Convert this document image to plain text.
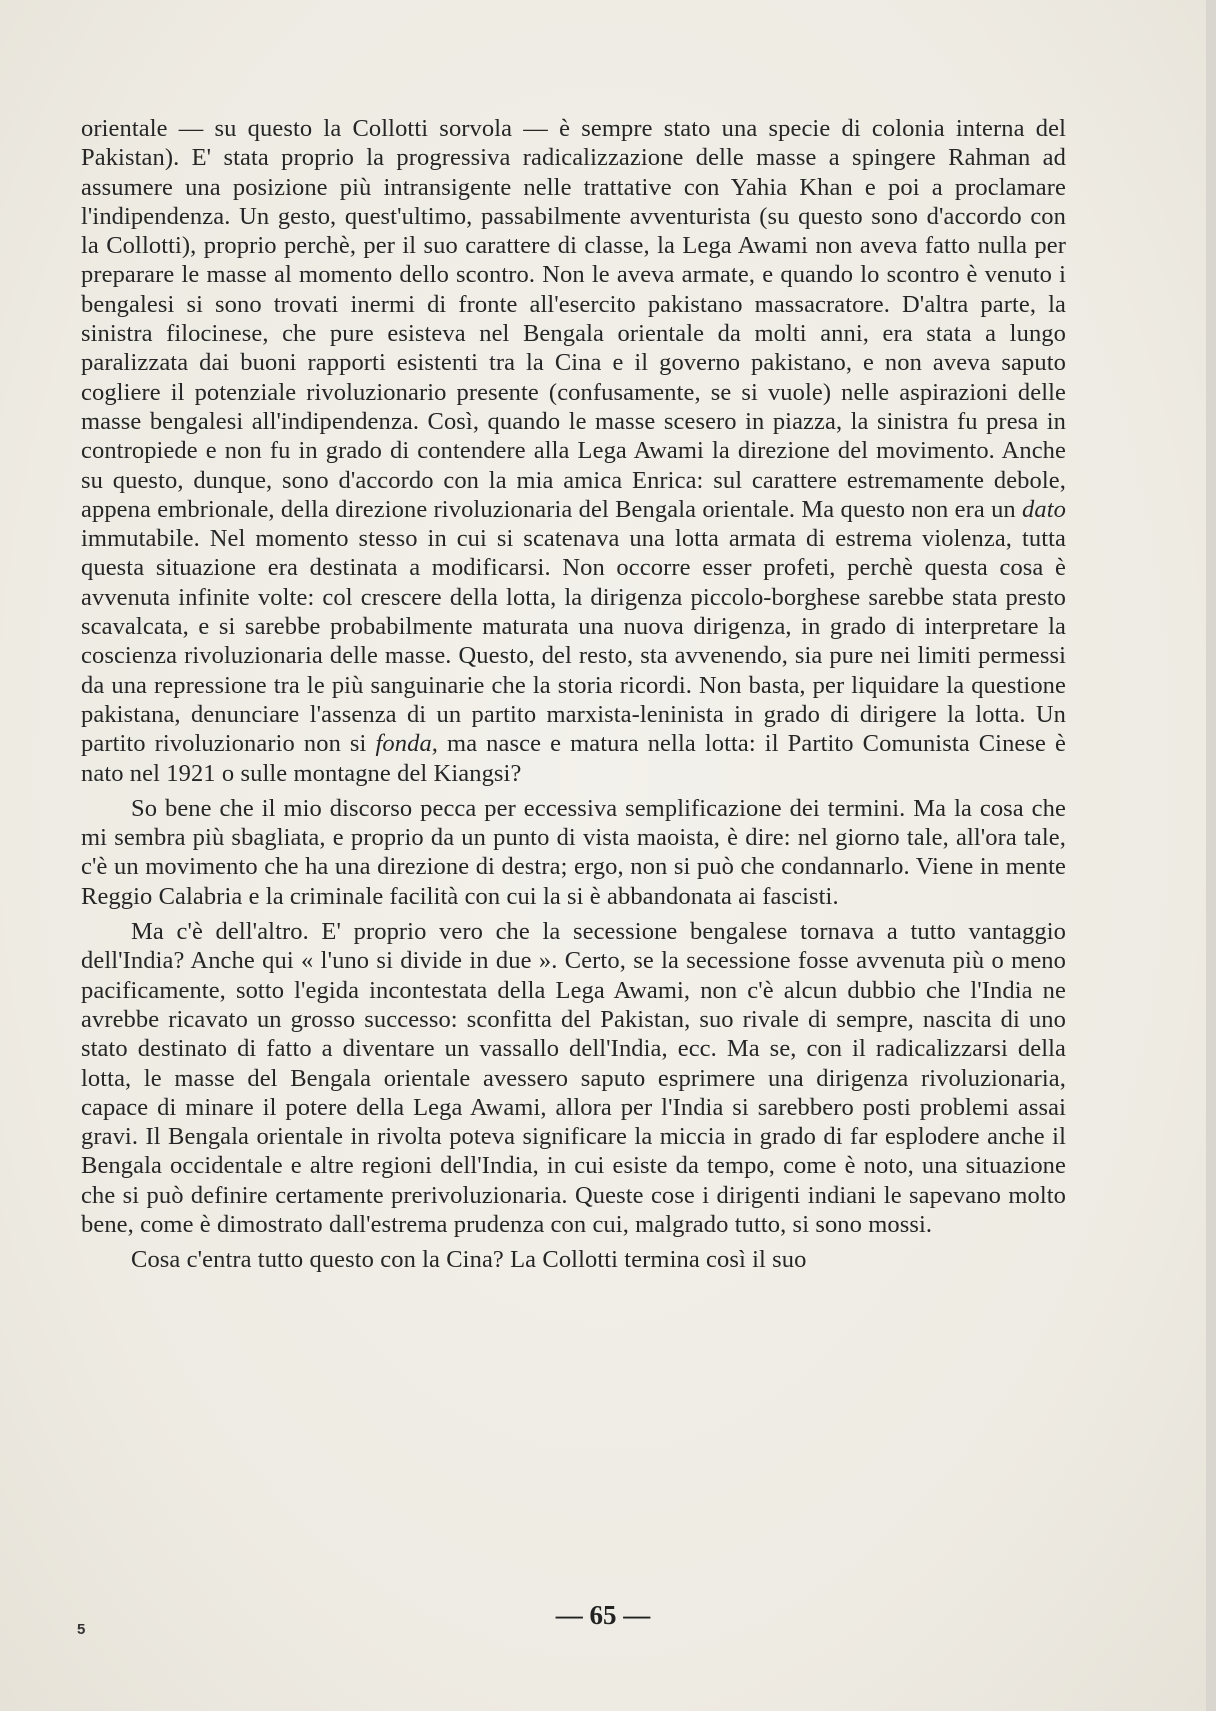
orientale — su questo la Collotti sorvola — è sempre stato una specie di colonia interna del Pakistan). E' stata proprio la progressiva radicalizzazione delle masse a spingere Rahman ad assumere una posizione più intransigente nelle trattative con Yahia Khan e poi a proclamare l'indipendenza. Un gesto, quest'ultimo, passabilmente avventurista (su questo sono d'accordo con la Collotti), proprio perchè, per il suo carattere di classe, la Lega Awami non aveva fatto nulla per preparare le masse al momento dello scontro. Non le aveva armate, e quando lo scontro è venuto i bengalesi si sono trovati inermi di fronte all'esercito pakistano massacratore. D'altra parte, la sinistra filocinese, che pure esisteva nel Bengala orientale da molti anni, era stata a lungo paralizzata dai buoni rapporti esistenti tra la Cina e il governo pakistano, e non aveva saputo cogliere il potenziale rivoluzionario presente (confusamente, se si vuole) nelle aspirazioni delle masse bengalesi all'indipendenza. Così, quando le masse scesero in piazza, la sinistra fu presa in contropiede e non fu in grado di contendere alla Lega Awami la direzione del movimento. Anche su questo, dunque, sono d'accordo con la mia amica Enrica: sul carattere estremamente debole, appena embrionale, della direzione rivoluzionaria del Bengala orientale. Ma questo non era un dato immutabile. Nel momento stesso in cui si scatenava una lotta armata di estrema violenza, tutta questa situazione era destinata a modificarsi. Non occorre esser profeti, perchè questa cosa è avvenuta infinite volte: col crescere della lotta, la dirigenza piccolo-borghese sarebbe stata presto scavalcata, e si sarebbe probabilmente maturata una nuova dirigenza, in grado di interpretare la coscienza rivoluzionaria delle masse. Questo, del resto, sta avvenendo, sia pure nei limiti permessi da una repressione tra le più sanguinarie che la storia ricordi. Non basta, per liquidare la questione pakistana, denunciare l'assenza di un partito marxista-leninista in grado di dirigere la lotta. Un partito rivoluzionario non si fonda, ma nasce e matura nella lotta: il Partito Comunista Cinese è nato nel 1921 o sulle montagne del Kiangsi?

So bene che il mio discorso pecca per eccessiva semplificazione dei termini. Ma la cosa che mi sembra più sbagliata, e proprio da un punto di vista maoista, è dire: nel giorno tale, all'ora tale, c'è un movimento che ha una direzione di destra; ergo, non si può che condannarlo. Viene in mente Reggio Calabria e la criminale facilità con cui la si è abbandonata ai fascisti.

Ma c'è dell'altro. E' proprio vero che la secessione bengalese tornava a tutto vantaggio dell'India? Anche qui « l'uno si divide in due ». Certo, se la secessione fosse avvenuta più o meno pacificamente, sotto l'egida incontestata della Lega Awami, non c'è alcun dubbio che l'India ne avrebbe ricavato un grosso successo: sconfitta del Pakistan, suo rivale di sempre, nascita di uno stato destinato di fatto a diventare un vassallo dell'India, ecc. Ma se, con il radicalizzarsi della lotta, le masse del Bengala orientale avessero saputo esprimere una dirigenza rivoluzionaria, capace di minare il potere della Lega Awami, allora per l'India si sarebbero posti problemi assai gravi. Il Bengala orientale in rivolta poteva significare la miccia in grado di far esplodere anche il Bengala occidentale e altre regioni dell'India, in cui esiste da tempo, come è noto, una situazione che si può definire certamente prerivoluzionaria. Queste cose i dirigenti indiani le sapevano molto bene, come è dimostrato dall'estrema prudenza con cui, malgrado tutto, si sono mossi.

Cosa c'entra tutto questo con la Cina? La Collotti termina così il suo

— 65 —
5
